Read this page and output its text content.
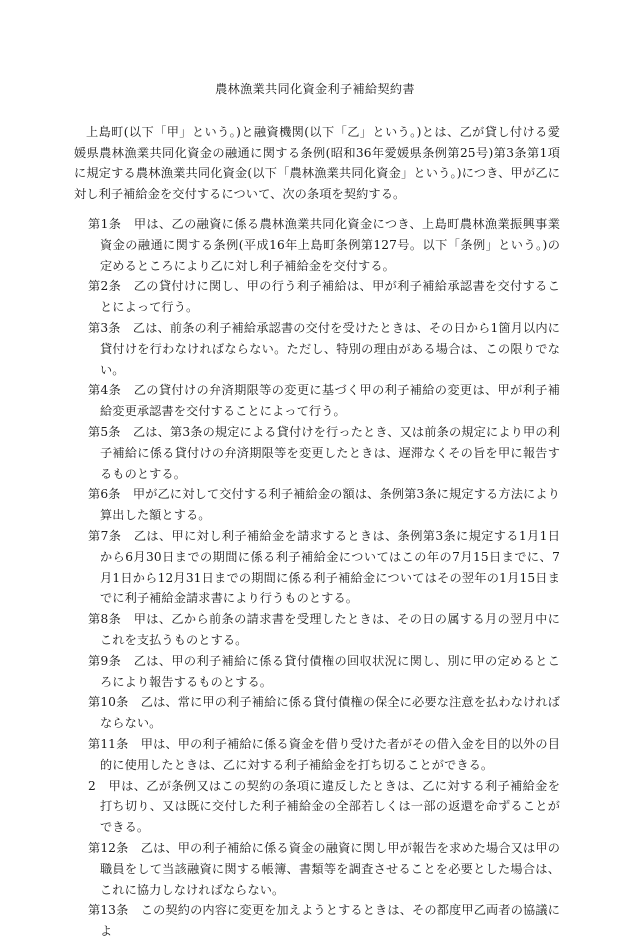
農林漁業共同化資金利子補給契約書
上島町(以下「甲」という。)と融資機関(以下「乙」という。)とは、乙が貸し付ける愛媛県農林漁業共同化資金の融通に関する条例(昭和36年愛媛県条例第25号)第3条第1項に規定する農林漁業共同化資金(以下「農林漁業共同化資金」という。)につき、甲が乙に対し利子補給金を交付するについて、次の条項を契約する。

第1条　甲は、乙の融資に係る農林漁業共同化資金につき、上島町農林漁業振興事業資金の融通に関する条例(平成16年上島町条例第127号。以下「条例」という。)の定めるところにより乙に対し利子補給金を交付する。

第2条　乙の貸付けに関し、甲の行う利子補給は、甲が利子補給承認書を交付することによって行う。

第3条　乙は、前条の利子補給承認書の交付を受けたときは、その日から1箇月以内に貸付けを行わなければならない。ただし、特別の理由がある場合は、この限りでない。

第4条　乙の貸付けの弁済期限等の変更に基づく甲の利子補給の変更は、甲が利子補給変更承認書を交付することによって行う。

第5条　乙は、第3条の規定による貸付けを行ったとき、又は前条の規定により甲の利子補給に係る貸付けの弁済期限等を変更したときは、遅滞なくその旨を甲に報告するものとする。

第6条　甲が乙に対して交付する利子補給金の額は、条例第3条に規定する方法により算出した額とする。

第7条　乙は、甲に対し利子補給金を請求するときは、条例第3条に規定する1月1日から6月30日までの期間に係る利子補給金についてはこの年の7月15日までに、7月1日から12月31日までの期間に係る利子補給金についてはその翌年の1月15日までに利子補給金請求書により行うものとする。

第8条　甲は、乙から前条の請求書を受理したときは、その日の属する月の翌月中にこれを支払うものとする。

第9条　乙は、甲の利子補給に係る貸付債権の回収状況に関し、別に甲の定めるところにより報告するものとする。

第10条　乙は、常に甲の利子補給に係る貸付債権の保全に必要な注意を払わなければならない。

第11条　甲は、甲の利子補給に係る資金を借り受けた者がその借入金を目的以外の目的に使用したときは、乙に対する利子補給金を打ち切ることができる。

2　甲は、乙が条例又はこの契約の条項に違反したときは、乙に対する利子補給金を打ち切り、又は既に交付した利子補給金の全部若しくは一部の返還を命ずることができる。

第12条　乙は、甲の利子補給に係る資金の融資に関し甲が報告を求めた場合又は甲の職員をして当該融資に関する帳簿、書類等を調査させることを必要とした場合は、これに協力しなければならない。

第13条　この契約の内容に変更を加えようとするときは、その都度甲乙両者の協議によ
